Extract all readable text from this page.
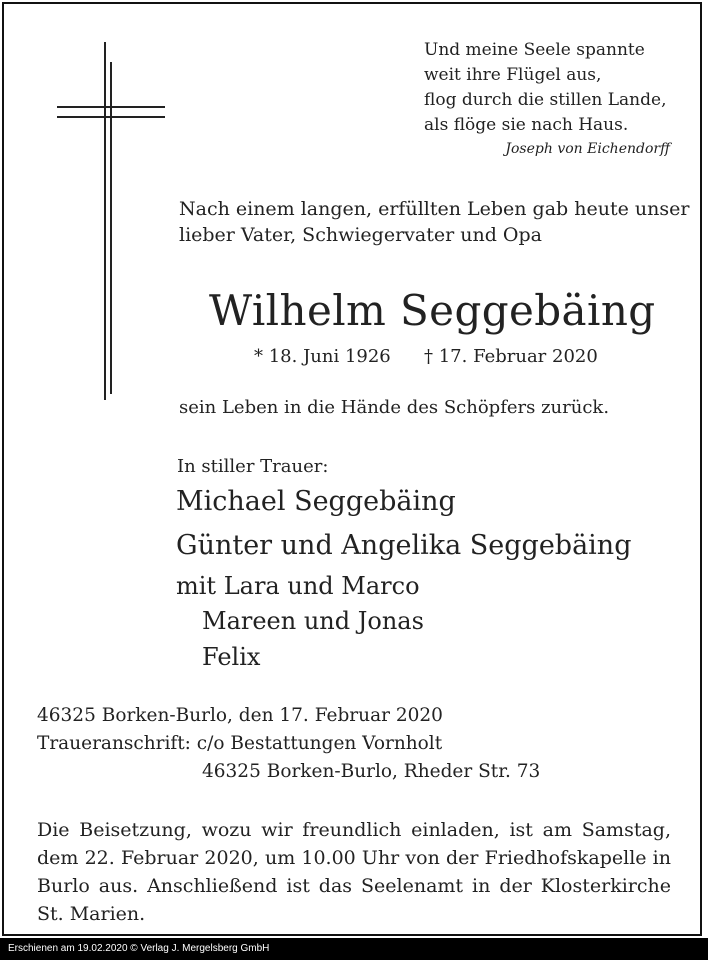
Und meine Seele spannte
weit ihre Flügel aus,
flog durch die stillen Lande,
als flöge sie nach Haus.
Joseph von Eichendorff
Nach einem langen, erfüllten Leben gab heute unser
lieber Vater, Schwiegervater und Opa
Wilhelm Seggebäing
* 18. Juni 1926 † 17. Februar 2020
sein Leben in die Hände des Schöpfers zurück.
In stiller Trauer:
Michael Seggebäing
Günter und Angelika Seggebäing
mit Lara und Marco
Mareen und Jonas
Felix
46325 Borken-Burlo, den 17. Februar 2020
Traueranschrift: c/o Bestattungen Vornholt
46325 Borken-Burlo, Rheder Str. 73
Die Beisetzung, wozu wir freundlich einladen, ist am Samstag, dem 22. Februar 2020, um 10.00 Uhr von der Friedhofskapelle in Burlo aus. Anschließend ist das Seelenamt in der Klosterkirche St. Marien.
Erschienen am 19.02.2020 © Verlag J. Mergelsberg GmbH
